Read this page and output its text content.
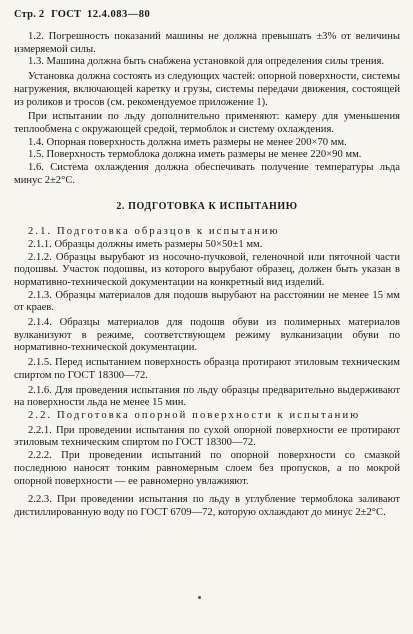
Стр. 2 ГОСТ 12.4.083—80

1.2. Погрешность показаний машины не должна превышать ±3% от величины измеряемой силы.

1.3. Машина должна быть снабжена установкой для определения силы трения.

Установка должна состоять из следующих частей: опорной поверхности, системы нагружения, включающей каретку и грузы, системы передачи движения, состоящей из роликов и тросов (см. рекомендуемое приложение 1).

При испытании по льду дополнительно применяют: камеру для уменьшения теплообмена с окружающей средой, термоблок и систему охлаждения.

1.4. Опорная поверхность должна иметь размеры не менее 200×70 мм.

1.5. Поверхность термоблока должна иметь размеры не менее 220×90 мм.

1.6. Система охлаждения должна обеспечивать получение температуры льда минус 2±2°С.

2. ПОДГОТОВКА К ИСПЫТАНИЮ

2.1. Подготовка образцов к испытанию

2.1.1. Образцы должны иметь размеры 50×50±1 мм.

2.1.2. Образцы вырубают из носочно-пучковой, геленочной или пяточной части подошвы. Участок подошвы, из которого вырубают образец, должен быть указан в нормативно-технической документации на конкретный вид изделий.

2.1.3. Образцы материалов для подошв вырубают на расстоянии не менее 15 мм от краев.

2.1.4. Образцы материалов для подошв обуви из полимерных материалов вулканизуют в режиме, соответствующем режиму вулканизации обуви по нормативно-технической документации.

2.1.5. Перед испытанием поверхность образца протирают этиловым техническим спиртом по ГОСТ 18300—72.

2.1.6. Для проведения испытания по льду образцы предварительно выдерживают на поверхности льда не менее 15 мин.

2.2. Подготовка опорной поверхности к испытанию

2.2.1. При проведении испытания по сухой опорной поверхности ее протирают этиловым техническим спиртом по ГОСТ 18300—72.

2.2.2. При проведении испытаний по опорной поверхности со смазкой последнюю наносят тонким равномерным слоем без пропусков, а по мокрой опорной поверхности — ее равномерно увлажняют.

2.2.3. При проведении испытания по льду в углубление термоблока заливают дистиллированную воду по ГОСТ 6709—72, которую охлаждают до минус 2±2°С.
